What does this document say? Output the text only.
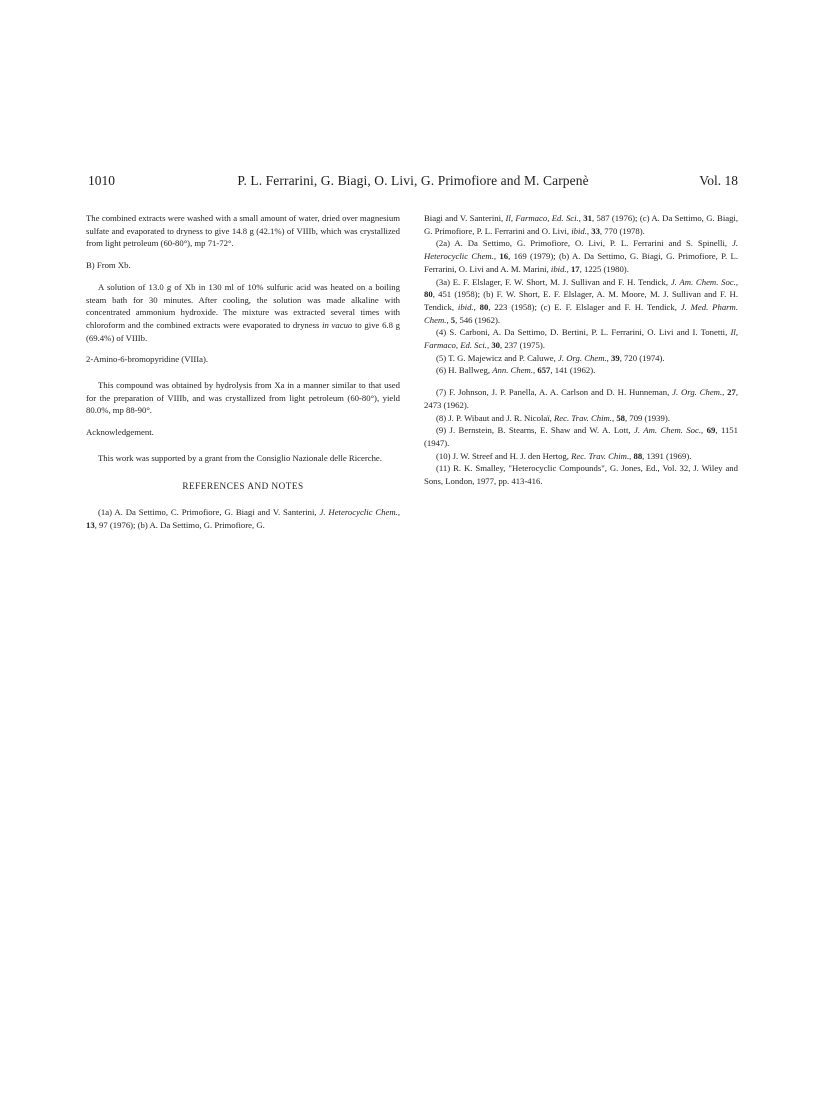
1010	P. L. Ferrarini, G. Biagi, O. Livi, G. Primofiore and M. Carpenè	Vol. 18

The combined extracts were washed with a small amount of water, dried over magnesium sulfate and evaporated to dryness to give 14.8 g (42.1%) of VIIIb, which was crystallized from light petroleum (60-80°), mp 71-72°.

B) From Xb.

A solution of 13.0 g of Xb in 130 ml of 10% sulfuric acid was heated on a boiling steam bath for 30 minutes. After cooling, the solution was made alkaline with concentrated ammonium hydroxide. The mixture was extracted several times with chloroform and the combined extracts were evaporated to dryness in vacuo to give 6.8 g (69.4%) of VIIIb.

2-Amino-6-bromopyridine (VIIIa).

This compound was obtained by hydrolysis from Xa in a manner similar to that used for the preparation of VIIIb, and was crystallized from light petroleum (60-80°), yield 80.0%, mp 88-90°.

Acknowledgement.

This work was supported by a grant from the Consiglio Nazionale delle Ricerche.

REFERENCES AND NOTES

(1a) A. Da Settimo, C. Primofiore, G. Biagi and V. Santerini, J. Heterocyclic Chem., 13, 97 (1976); (b) A. Da Settimo, G. Primofiore, G.

Biagi and V. Santerini, Il, Farmaco, Ed. Sci., 31, 587 (1976); (c) A. Da Settimo, G. Biagi, G. Primofiore, P. L. Ferrarini and O. Livi, ibid., 33, 770 (1978).

(2a) A. Da Settimo, G. Primofiore, O. Livi, P. L. Ferrarini and S. Spinelli, J. Heterocyclic Chem., 16, 169 (1979); (b) A. Da Settimo, G. Biagi, G. Primofiore, P. L. Ferrarini, O. Livi and A. M. Marini, ibid., 17, 1225 (1980).

(3a) E. F. Elslager, F. W. Short, M. J. Sullivan and F. H. Tendick, J. Am. Chem. Soc., 80, 451 (1958); (b) F. W. Short, E. F. Elslager, A. M. Moore, M. J. Sullivan and F. H. Tendick, ibid., 80, 223 (1958); (c) E. F. Elslager and F. H. Tendick, J. Med. Pharm. Chem., 5, 546 (1962).

(4) S. Carboni, A. Da Settimo, D. Bertini, P. L. Ferrarini, O. Livi and I. Tonetti, Il, Farmaco, Ed. Sci., 30, 237 (1975).

(5) T. G. Majewicz and P. Caluwe, J. Org. Chem., 39, 720 (1974).

(6) H. Ballweg, Ann. Chem., 657, 141 (1962).

(7) F. Johnson, J. P. Panella, A. A. Carlson and D. H. Hunneman, J. Org. Chem., 27, 2473 (1962).

(8) J. P. Wibaut and J. R. Nicolaï, Rec. Trav. Chim., 58, 709 (1939).

(9) J. Bernstein, B. Stearns, E. Shaw and W. A. Lott, J. Am. Chem. Soc., 69, 1151 (1947).

(10) J. W. Streef and H. J. den Hertog, Rec. Trav. Chim., 88, 1391 (1969).

(11) R. K. Smalley, "Heterocyclic Compounds", G. Jones, Ed., Vol. 32, J. Wiley and Sons, London, 1977, pp. 413-416.
